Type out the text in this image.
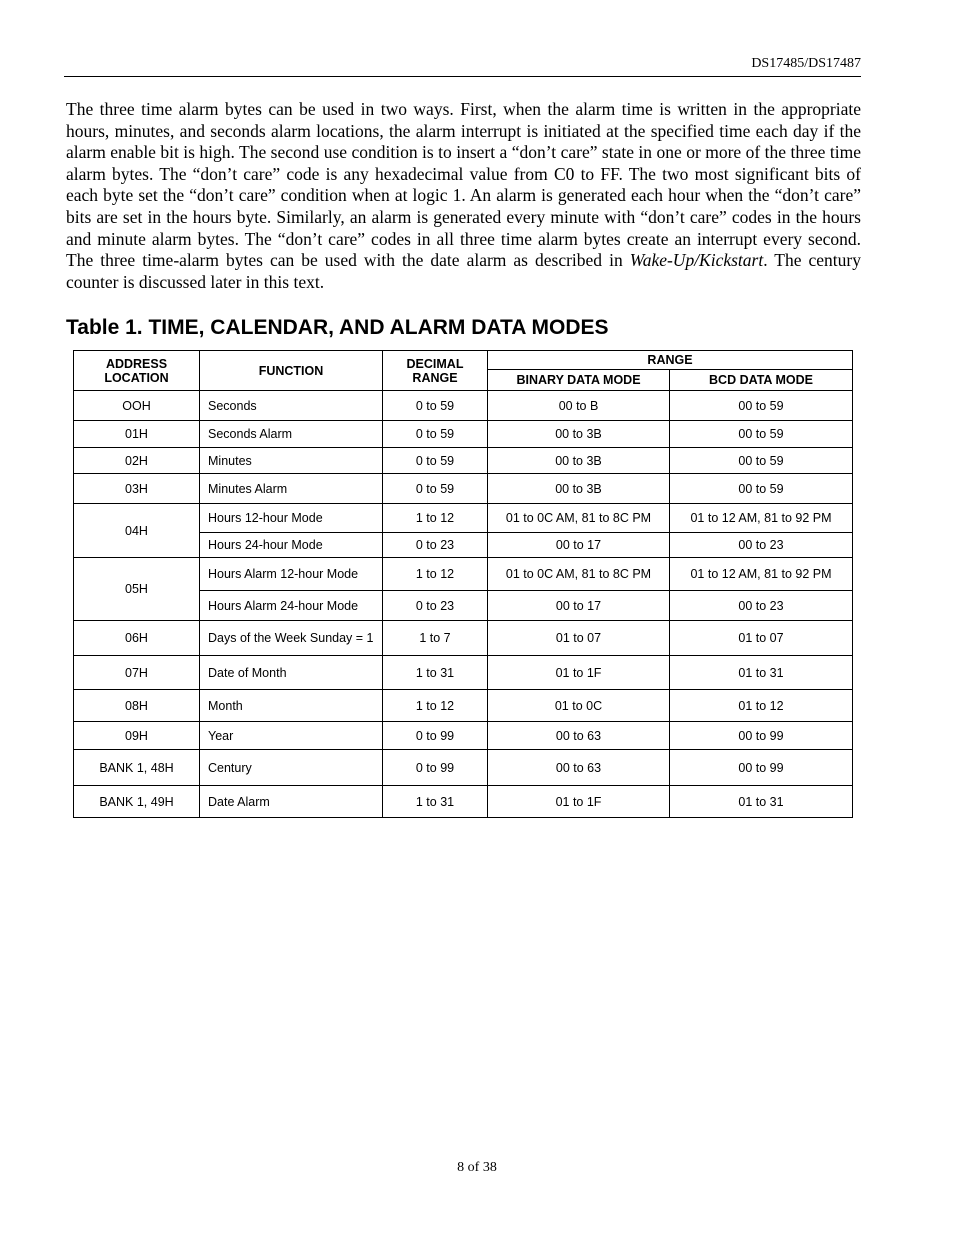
DS17485/DS17487

The three time alarm bytes can be used in two ways. First, when the alarm time is written in the appropriate hours, minutes, and seconds alarm locations, the alarm interrupt is initiated at the specified time each day if the alarm enable bit is high. The second use condition is to insert a “don’t care” state in one or more of the three time alarm bytes. The “don’t care” code is any hexadecimal value from C0 to FF. The two most significant bits of each byte set the “don’t care” condition when at logic 1. An alarm is generated each hour when the “don’t care” bits are set in the hours byte. Similarly, an alarm is generated every minute with “don’t care” codes in the hours and minute alarm bytes. The “don’t care” codes in all three time alarm bytes create an interrupt every second. The three time-alarm bytes can be used with the date alarm as described in Wake-Up/Kickstart. The century counter is discussed later in this text.

Table 1. TIME, CALENDAR, AND ALARM DATA MODES
ADDRESS LOCATION	FUNCTION	DECIMAL RANGE	RANGE	
			BINARY DATA MODE	BCD DATA MODE
OOH	Seconds	0 to 59	00 to B	00 to 59
01H	Seconds Alarm	0 to 59	00 to 3B	00 to 59
02H	Minutes	0 to 59	00 to 3B	00 to 59
03H	Minutes Alarm	0 to 59	00 to 3B	00 to 59
04H	Hours 12-hour Mode	1 to 12	01 to 0C AM, 81 to 8C PM	01 to 12 AM, 81 to 92 PM
	Hours 24-hour Mode	0 to 23	00 to 17	00 to 23
05H	Hours Alarm 12-hour Mode	1 to 12	01 to 0C AM, 81 to 8C PM	01 to 12 AM, 81 to 92 PM
	Hours Alarm 24-hour Mode	0 to 23	00 to 17	00 to 23
06H	Days of the Week Sunday = 1	1 to 7	01 to 07	01 to 07
07H	Date of Month	1 to 31	01 to 1F	01 to 31
08H	Month	1 to 12	01 to 0C	01 to 12
09H	Year	0 to 99	00 to 63	00 to 99
BANK 1, 48H	Century	0 to 99	00 to 63	00 to 99
BANK 1, 49H	Date Alarm	1 to 31	01 to 1F	01 to 31
8 of 38
